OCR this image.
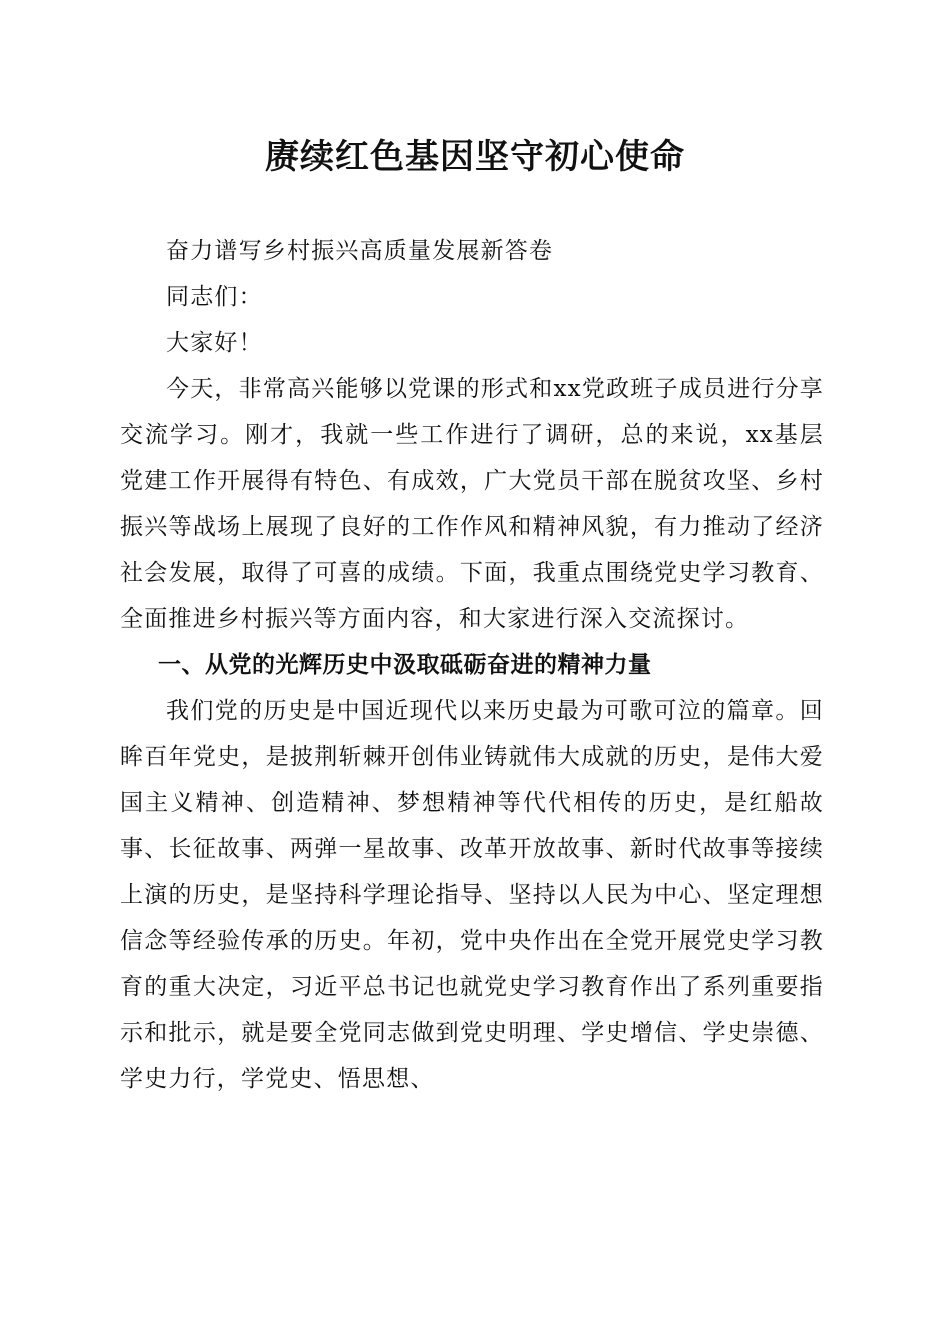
赓续红色基因坚守初心使命

奋力谱写乡村振兴高质量发展新答卷

同志们：

大家好！

今天，非常高兴能够以党课的形式和xx党政班子成员进行分享交流学习。刚才，我就一些工作进行了调研，总的来说，xx基层党建工作开展得有特色、有成效，广大党员干部在脱贫攻坚、乡村振兴等战场上展现了良好的工作作风和精神风貌，有力推动了经济社会发展，取得了可喜的成绩。下面，我重点围绕党史学习教育、全面推进乡村振兴等方面内容，和大家进行深入交流探讨。

一、从党的光辉历史中汲取砥砺奋进的精神力量

我们党的历史是中国近现代以来历史最为可歌可泣的篇章。回眸百年党史，是披荆斩棘开创伟业铸就伟大成就的历史，是伟大爱国主义精神、创造精神、梦想精神等代代相传的历史，是红船故事、长征故事、两弹一星故事、改革开放故事、新时代故事等接续上演的历史，是坚持科学理论指导、坚持以人民为中心、坚定理想信念等经验传承的历史。年初，党中央作出在全党开展党史学习教育的重大决定，习近平总书记也就党史学习教育作出了系列重要指示和批示，就是要全党同志做到党史明理、学史增信、学史崇德、学史力行，学党史、悟思想、
